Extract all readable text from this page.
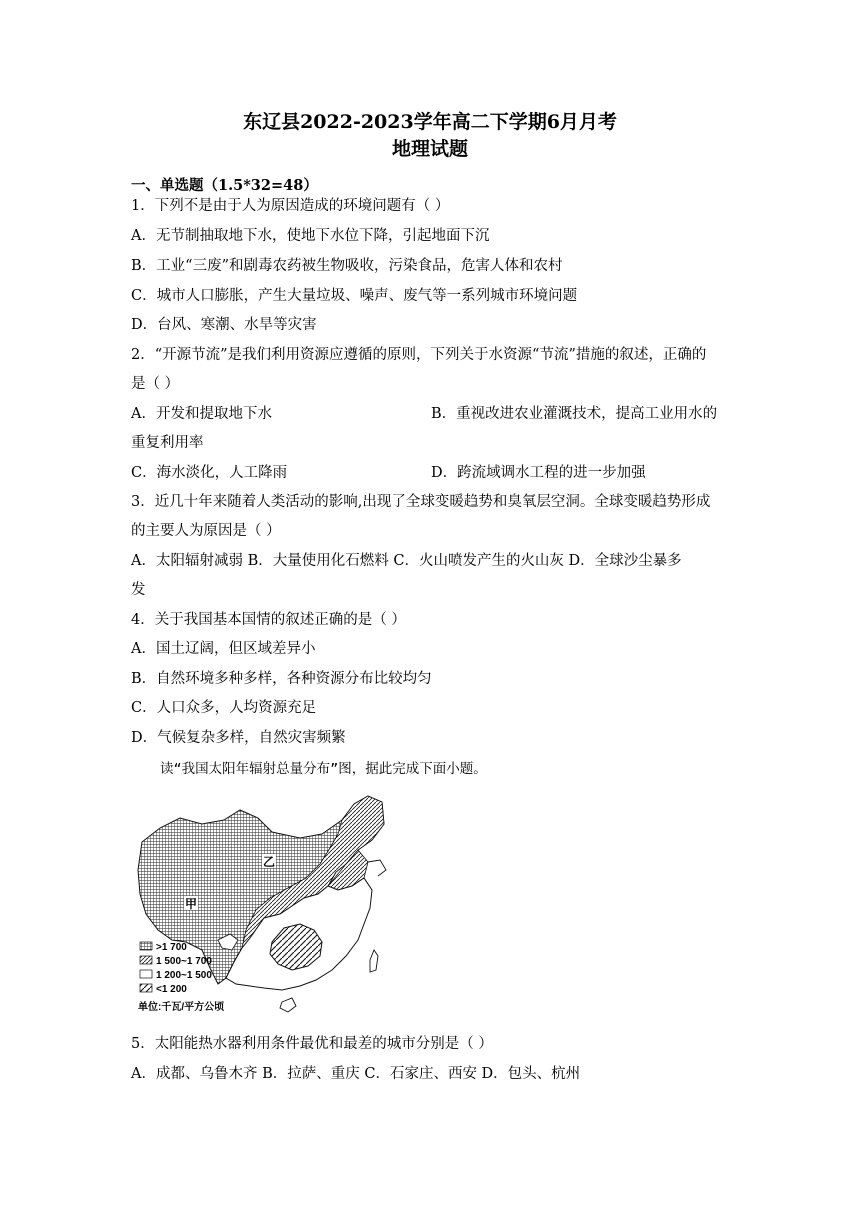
东辽县2022-2023学年高二下学期6月月考
地理试题
一、单选题（1.5*32=48）
1．下列不是由于人为原因造成的环境问题有（ ）
A．无节制抽取地下水，使地下水位下降，引起地面下沉
B．工业“三废”和剧毒农药被生物吸收，污染食品，危害人体和农村
C．城市人口膨胀，产生大量垃圾、噪声、废气等一系列城市环境问题
D．台风、寒潮、水旱等灾害
2．“开源节流”是我们利用资源应遵循的原则，下列关于水资源“节流”措施的叙述，正确的
是（ ）
A．开发和提取地下水	B．重视改进农业灌溉技术，提高工业用水的
重复利用率
C．海水淡化，人工降雨	D．跨流域调水工程的进一步加强
3．近几十年来随着人类活动的影响,出现了全球变暖趋势和臭氧层空洞。全球变暖趋势形成
的主要人为原因是（ ）
A．太阳辐射减弱 B．大量使用化石燃料 C．火山喷发产生的火山灰 D．全球沙尘暴多
发
4．关于我国基本国情的叙述正确的是（ ）
A．国土辽阔，但区域差异小
B．自然环境多种多样，各种资源分布比较均匀
C．人口众多，人均资源充足
D．气候复杂多样，自然灾害频繁
读“我国太阳年辐射总量分布”图，据此完成下面小题。
甲
乙
>1 700
1 500~1 700
1 200~1 500
<1 200
单位:千瓦/平方公顷
5．太阳能热水器利用条件最优和最差的城市分别是（ ）
A．成都、乌鲁木齐 B．拉萨、重庆 C．石家庄、西安 D．包头、杭州
